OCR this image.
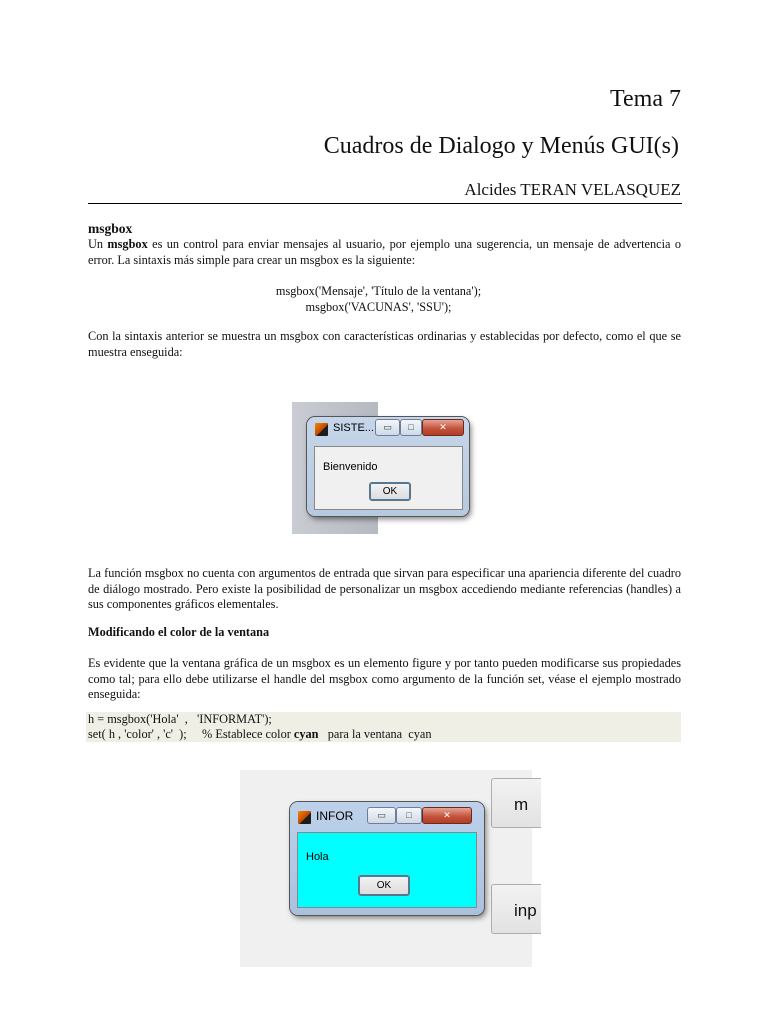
Tema 7
Cuadros de Dialogo y Menús GUI(s)
Alcides TERAN VELASQUEZ
msgbox
Un msgbox es un control para enviar mensajes al usuario, por ejemplo una sugerencia, un mensaje de advertencia o error. La sintaxis más simple para crear un msgbox es la siguiente:
msgbox('Mensaje', 'Título de la ventana');
msgbox('VACUNAS', 'SSU');
Con la sintaxis anterior se muestra un msgbox con características ordinarias y establecidas por defecto, como el que se muestra enseguida:
SISTE...	▭	□	✕
Bienvenido
OK
La función msgbox no cuenta con argumentos de entrada que sirvan para especificar una apariencia diferente del cuadro de diálogo mostrado. Pero existe la posibilidad de personalizar un msgbox accediendo mediante referencias (handles) a sus componentes gráficos elementales.
Modificando el color de la ventana
Es evidente que la ventana gráfica de un msgbox es un elemento figure y por tanto pueden modificarse sus propiedades como tal; para ello debe utilizarse el handle del msgbox como argumento de la función set, véase el ejemplo mostrado enseguida:
h = msgbox('Hola'  ,   'INFORMAT');
set( h , 'color' , 'c'  );     % Establece color cyan   para la ventana  cyan
m
inp
INFOR	▭	□	✕
Hola
OK
